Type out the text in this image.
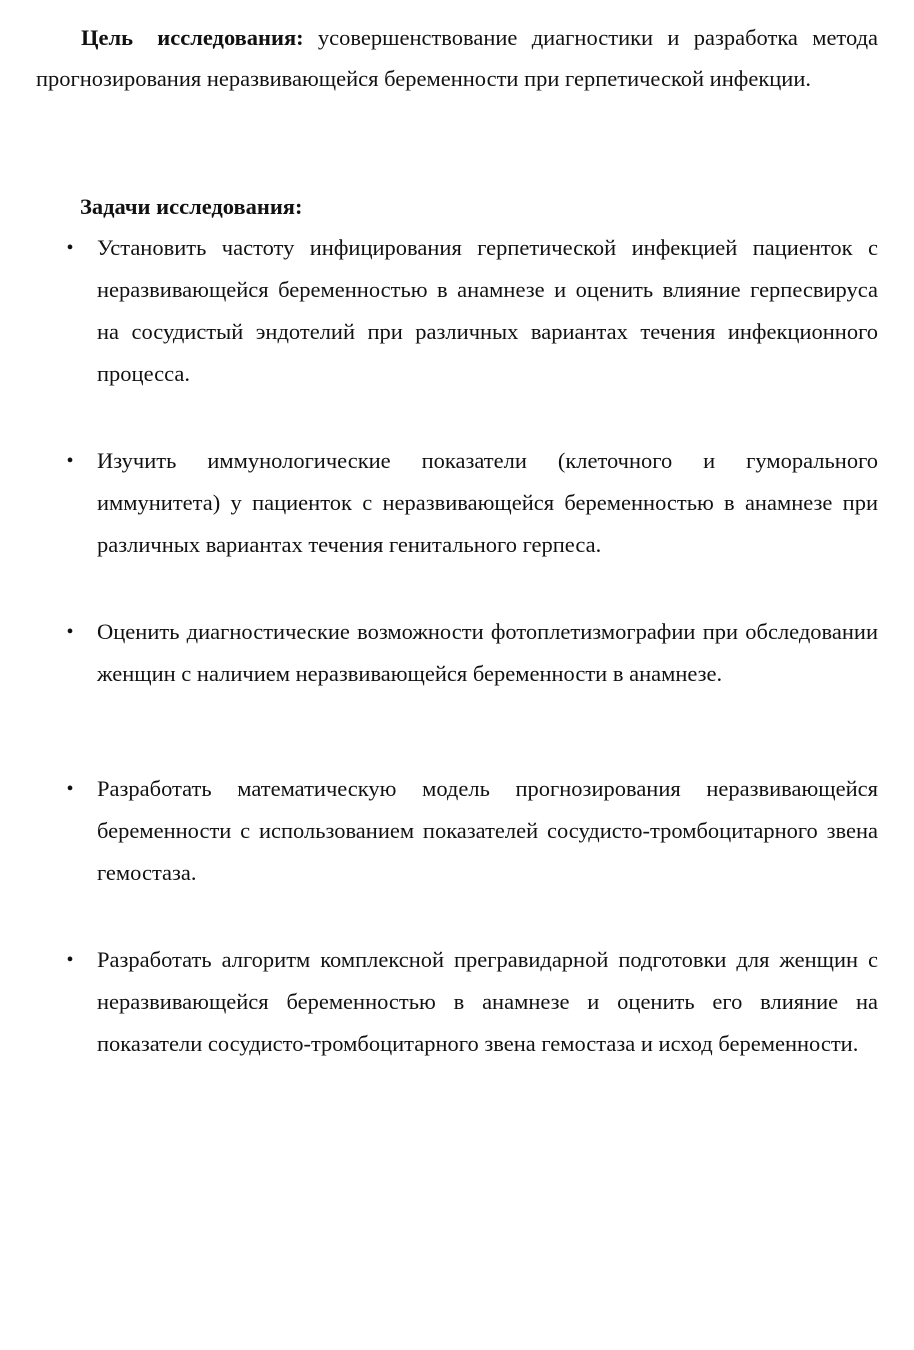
Цель исследования: усовершенствование диагностики и разработка метода прогнозирования неразвивающейся беременности при герпетической инфекции.

Задачи исследования:
• Установить частоту инфицирования герпетической инфекцией пациенток с неразвивающейся беременностью в анамнезе и оценить влияние герпесвируса на сосудистый эндотелий при различных вариантах течения инфекционного процесса.
• Изучить иммунологические показатели (клеточного и гуморального иммунитета) у пациенток с неразвивающейся беременностью в анамнезе при различных вариантах течения генитального герпеса.
• Оценить диагностические возможности фотоплетизмографии при обследовании женщин с наличием неразвивающейся беременности в анамнезе.
• Разработать математическую модель прогнозирования неразвивающейся беременности с использованием показателей сосудисто-тромбоцитарного звена гемостаза.
• Разработать алгоритм комплексной прегравидарной подготовки для женщин с неразвивающейся беременностью в анамнезе и оценить его влияние на показатели сосудисто-тромбоцитарного звена гемостаза и исход беременности.
